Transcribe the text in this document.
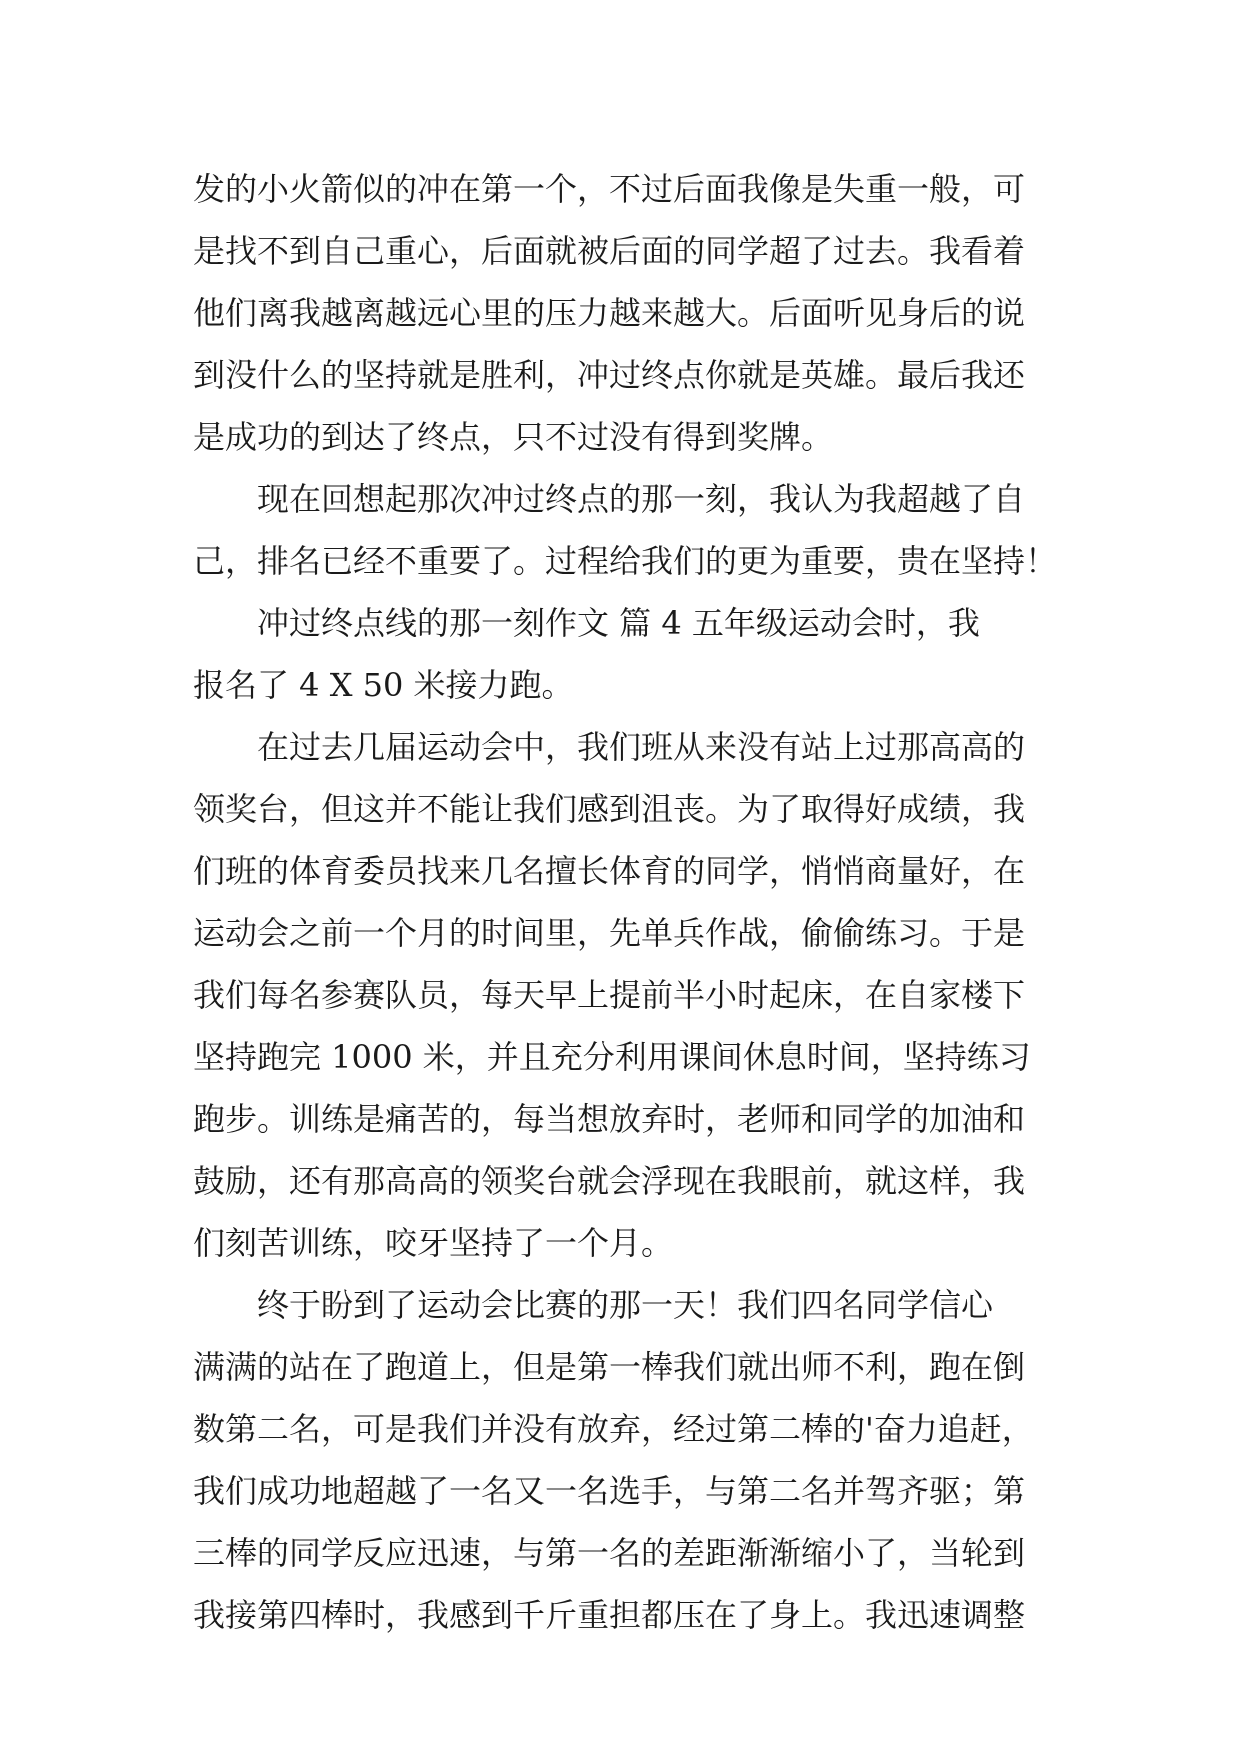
发的小火箭似的冲在第一个，不过后面我像是失重一般，可
是找不到自己重心，后面就被后面的同学超了过去。我看着
他们离我越离越远心里的压力越来越大。后面听见身后的说
到没什么的坚持就是胜利，冲过终点你就是英雄。最后我还
是成功的到达了终点，只不过没有得到奖牌。
现在回想起那次冲过终点的那一刻，我认为我超越了自
己，排名已经不重要了。过程给我们的更为重要，贵在坚持！
冲过终点线的那一刻作文 篇 4 五年级运动会时，我
报名了 4 X 50 米接力跑。
在过去几届运动会中，我们班从来没有站上过那高高的
领奖台，但这并不能让我们感到沮丧。为了取得好成绩，我
们班的体育委员找来几名擅长体育的同学，悄悄商量好，在
运动会之前一个月的时间里，先单兵作战，偷偷练习。于是
我们每名参赛队员，每天早上提前半小时起床，在自家楼下
坚持跑完 1000 米，并且充分利用课间休息时间，坚持练习
跑步。训练是痛苦的，每当想放弃时，老师和同学的加油和
鼓励，还有那高高的领奖台就会浮现在我眼前，就这样，我
们刻苦训练，咬牙坚持了一个月。
终于盼到了运动会比赛的那一天！我们四名同学信心
满满的站在了跑道上，但是第一棒我们就出师不利，跑在倒
数第二名，可是我们并没有放弃，经过第二棒的'奋力追赶，
我们成功地超越了一名又一名选手，与第二名并驾齐驱；第
三棒的同学反应迅速，与第一名的差距渐渐缩小了，当轮到
我接第四棒时，我感到千斤重担都压在了身上。我迅速调整
